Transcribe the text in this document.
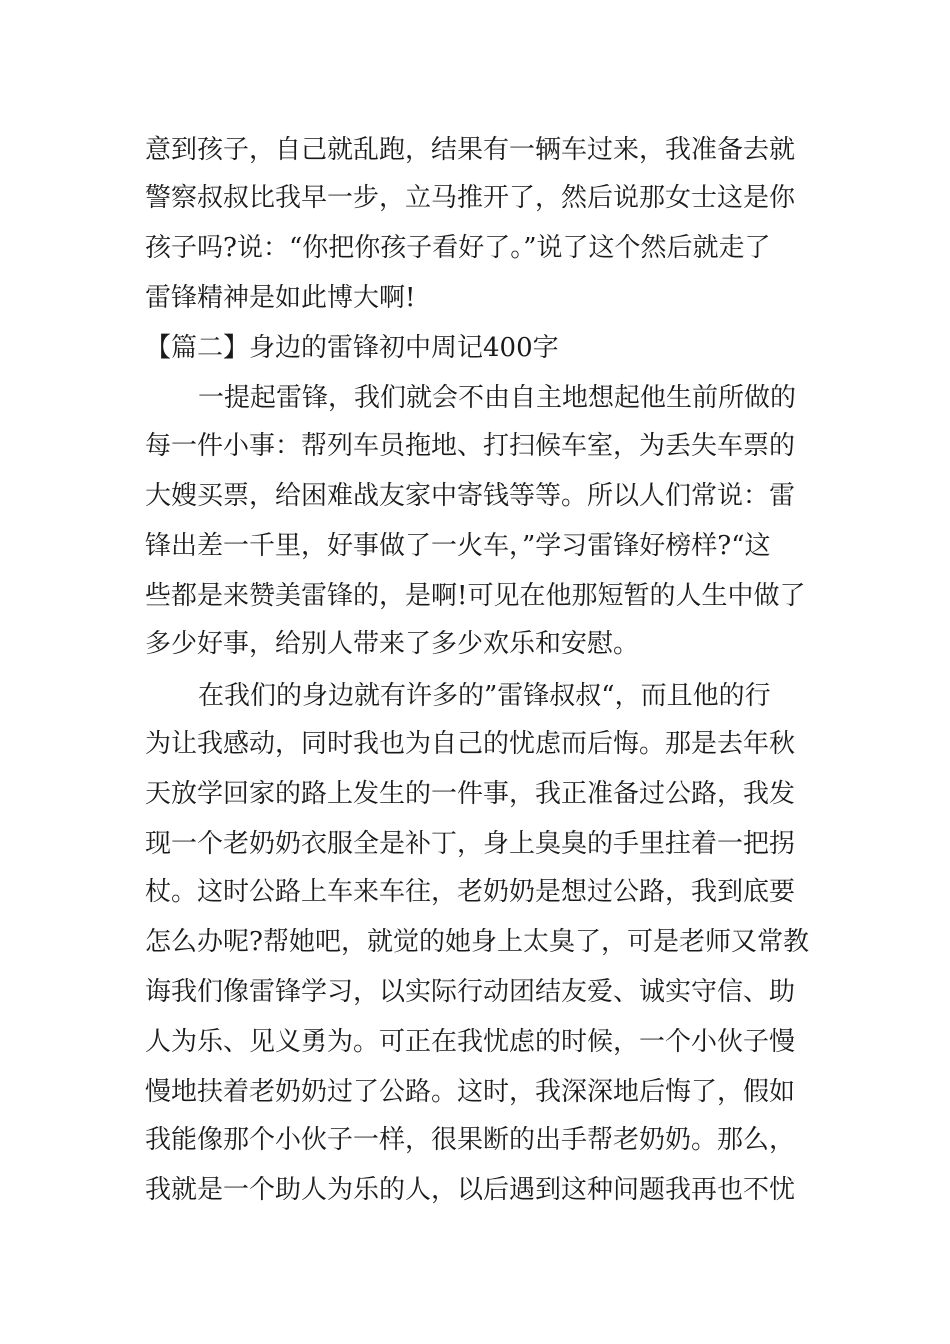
意到孩子，自己就乱跑，结果有一辆车过来，我准备去就
警察叔叔比我早一步，立马推开了，然后说那女士这是你
孩子吗?说：“你把你孩子看好了。”说了这个然后就走了
雷锋精神是如此博大啊!
【篇二】身边的雷锋初中周记400字
一提起雷锋，我们就会不由自主地想起他生前所做的
每一件小事：帮列车员拖地、打扫候车室，为丢失车票的
大嫂买票，给困难战友家中寄钱等等。所以人们常说：雷
锋出差一千里，好事做了一火车，”学习雷锋好榜样?“这
些都是来赞美雷锋的，是啊!可见在他那短暂的人生中做了
多少好事，给别人带来了多少欢乐和安慰。
在我们的身边就有许多的”雷锋叔叔“，而且他的行
为让我感动，同时我也为自己的忧虑而后悔。那是去年秋
天放学回家的路上发生的一件事，我正准备过公路，我发
现一个老奶奶衣服全是补丁，身上臭臭的手里拄着一把拐
杖。这时公路上车来车往，老奶奶是想过公路，我到底要
怎么办呢?帮她吧，就觉的她身上太臭了，可是老师又常教
诲我们像雷锋学习，以实际行动团结友爱、诚实守信、助
人为乐、见义勇为。可正在我忧虑的时候，一个小伙子慢
慢地扶着老奶奶过了公路。这时，我深深地后悔了，假如
我能像那个小伙子一样，很果断的出手帮老奶奶。那么，
我就是一个助人为乐的人，以后遇到这种问题我再也不忧
